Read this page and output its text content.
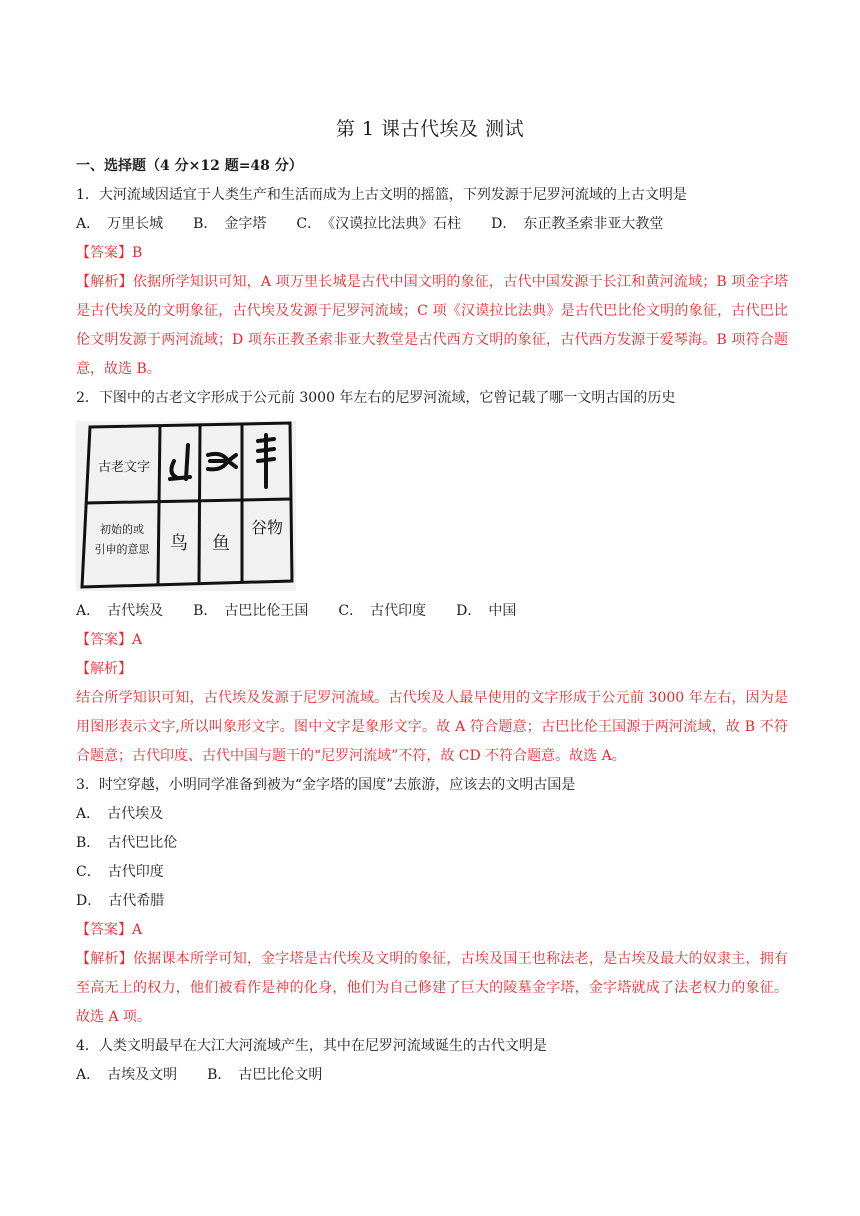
第 1 课古代埃及 测试
一、选择题（4 分×12 题=48 分）
1．大河流域因适宜于人类生产和生活而成为上古文明的摇篮，下列发源于尼罗河流域的上古文明是
A．　万里长城 B．　金字塔 C．　《汉谟拉比法典》石柱 D．　东正教圣索非亚大教堂
【答案】B
【解析】依据所学知识可知，A 项万里长城是古代中国文明的象征，古代中国发源于长江和黄河流域；B 项金字塔是古代埃及的文明象征，古代埃及发源于尼罗河流域；C 项《汉谟拉比法典》是古代巴比伦文明的象征，古代巴比伦文明发源于两河流域；D 项东正教圣索非亚大教堂是古代西方文明的象征，古代西方发源于爱琴海。B 项符合题意，故选 B。
2．下图中的古老文字形成于公元前 3000 年左右的尼罗河流域，它曾记载了哪一文明古国的历史
古老文字
初始的或
引申的意思 鸟 鱼
谷物
A．　古代埃及 B．　古巴比伦王国 C．　古代印度 D．　中国
【答案】A
【解析】
结合所学知识可知，古代埃及发源于尼罗河流域。古代埃及人最早使用的文字形成于公元前 3000 年左右，因为是用图形表示文字,所以叫象形文字。图中文字是象形文字。故 A 符合题意；古巴比伦王国源于两河流域，故 B 不符合题意；古代印度、古代中国与题干的“尼罗河流域”不符，故 CD 不符合题意。故选 A。
3．时空穿越，小明同学准备到被为“金字塔的国度”去旅游，应该去的文明古国是
A．　古代埃及
B．　古代巴比伦
C．　古代印度
D．　古代希腊
【答案】A
【解析】依据课本所学可知，金字塔是古代埃及文明的象征，古埃及国王也称法老，是古埃及最大的奴隶主，拥有至高无上的权力，他们被看作是神的化身，他们为自己修建了巨大的陵墓金字塔，金字塔就成了法老权力的象征。故选 A 项。
4．人类文明最早在大江大河流域产生，其中在尼罗河流域诞生的古代文明是
A．　古埃及文明 B．　古巴比伦文明
